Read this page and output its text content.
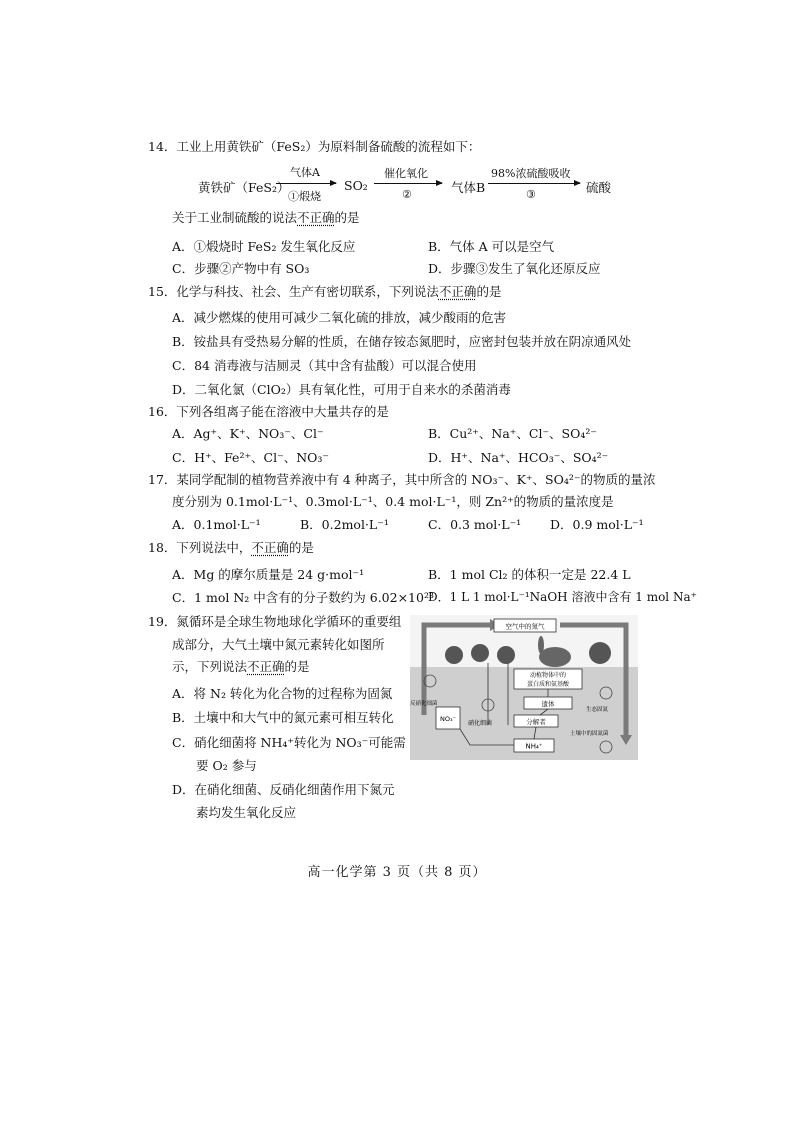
14．工业上用黄铁矿（FeS₂）为原料制备硫酸的流程如下：
黄铁矿（FeS₂）
气体A
①煅烧
SO₂
催化氧化
②	气体B
98%浓硫酸吸收
③	硫酸
关于工业制硫酸的说法不正确的是
A．①煅烧时 FeS₂ 发生氧化反应	B．气体 A 可以是空气
C．步骤②产物中有 SO₃	D．步骤③发生了氧化还原反应
15．化学与科技、社会、生产有密切联系，下列说法不正确的是
A．减少燃煤的使用可减少二氧化硫的排放，减少酸雨的危害
B．铵盐具有受热易分解的性质，在储存铵态氮肥时，应密封包装并放在阴凉通风处
C．84 消毒液与洁厕灵（其中含有盐酸）可以混合使用
D．二氧化氯（ClO₂）具有氧化性，可用于自来水的杀菌消毒
16．下列各组离子能在溶液中大量共存的是
A．Ag⁺、K⁺、NO₃⁻、Cl⁻	B．Cu²⁺、Na⁺、Cl⁻、SO₄²⁻
C．H⁺、Fe²⁺、Cl⁻、NO₃⁻	D．H⁺、Na⁺、HCO₃⁻、SO₄²⁻
17．某同学配制的植物营养液中有 4 种离子，其中所含的 NO₃⁻、K⁺、SO₄²⁻的物质的量浓
度分别为 0.1mol·L⁻¹、0.3mol·L⁻¹、0.4 mol·L⁻¹，则 Zn²⁺的物质的量浓度是
A．0.1mol·L⁻¹	B．0.2mol·L⁻¹	C．0.3 mol·L⁻¹ D．0.9 mol·L⁻¹
18．下列说法中，不正确的是
A．Mg 的摩尔质量是 24 g·mol⁻¹	B．1 mol Cl₂ 的体积一定是 22.4 L
C．1 mol N₂ 中含有的分子数约为 6.02×10²³
D．1 L 1 mol·L⁻¹NaOH 溶液中含有 1 mol Na⁺
19．氮循环是全球生物地球化学循环的重要组
成部分，大气土壤中氮元素转化如图所
示，下列说法不正确的是
A．将 N₂ 转化为化合物的过程称为固氮
B．土壤中和大气中的氮元素可相互转化
C．硝化细菌将 NH₄⁺转化为 NO₃⁻可能需
要 O₂ 参与
D．在硝化细菌、反硝化细菌作用下氮元
素均发生氧化反应
空气中的氮气
动植物体中的
蛋白质和氨基酸
遗体
分解者
NH₄⁺
NO₃⁻
反硝化细菌
硝化细菌
生态固氮
土壤中的固氮菌
高一化学第 3 页（共 8 页）
